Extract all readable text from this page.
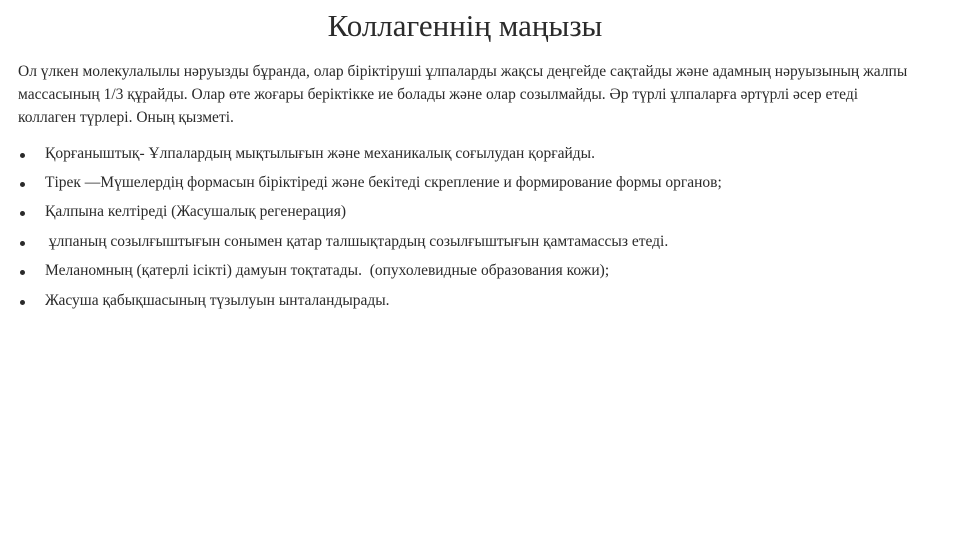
Коллагеннің маңызы

Ол үлкен молекулалылы нәруызды бұранда, олар біріктіруші ұлпаларды жақсы деңгейде сақтайды және адамның нәруызының жалпы массасының 1/3 құрайды. Олар өте жоғары беріктікке ие болады және олар созылмайды. Әр түрлі ұлпаларға әртүрлі әсер етеді коллаген түрлері. Оның қызметі.

Қорғаныштық- Ұлпалардың мықтылығын және механикалық соғылудан қорғайды.
Тірек —Мүшелердің формасын біріктіреді және бекітеді скрепление и формирование формы органов;
Қалпына келтіреді (Жасушалық регенерация)
ұлпаның созылғыштығын сонымен қатар талшықтардың созылғыштығын қамтамассыз етеді.
Меланомның (қатерлі ісікті) дамуын тоқтатады.  (опухолевидные образования кожи);
Жасуша қабықшасының түзылуын ынталандырады.
